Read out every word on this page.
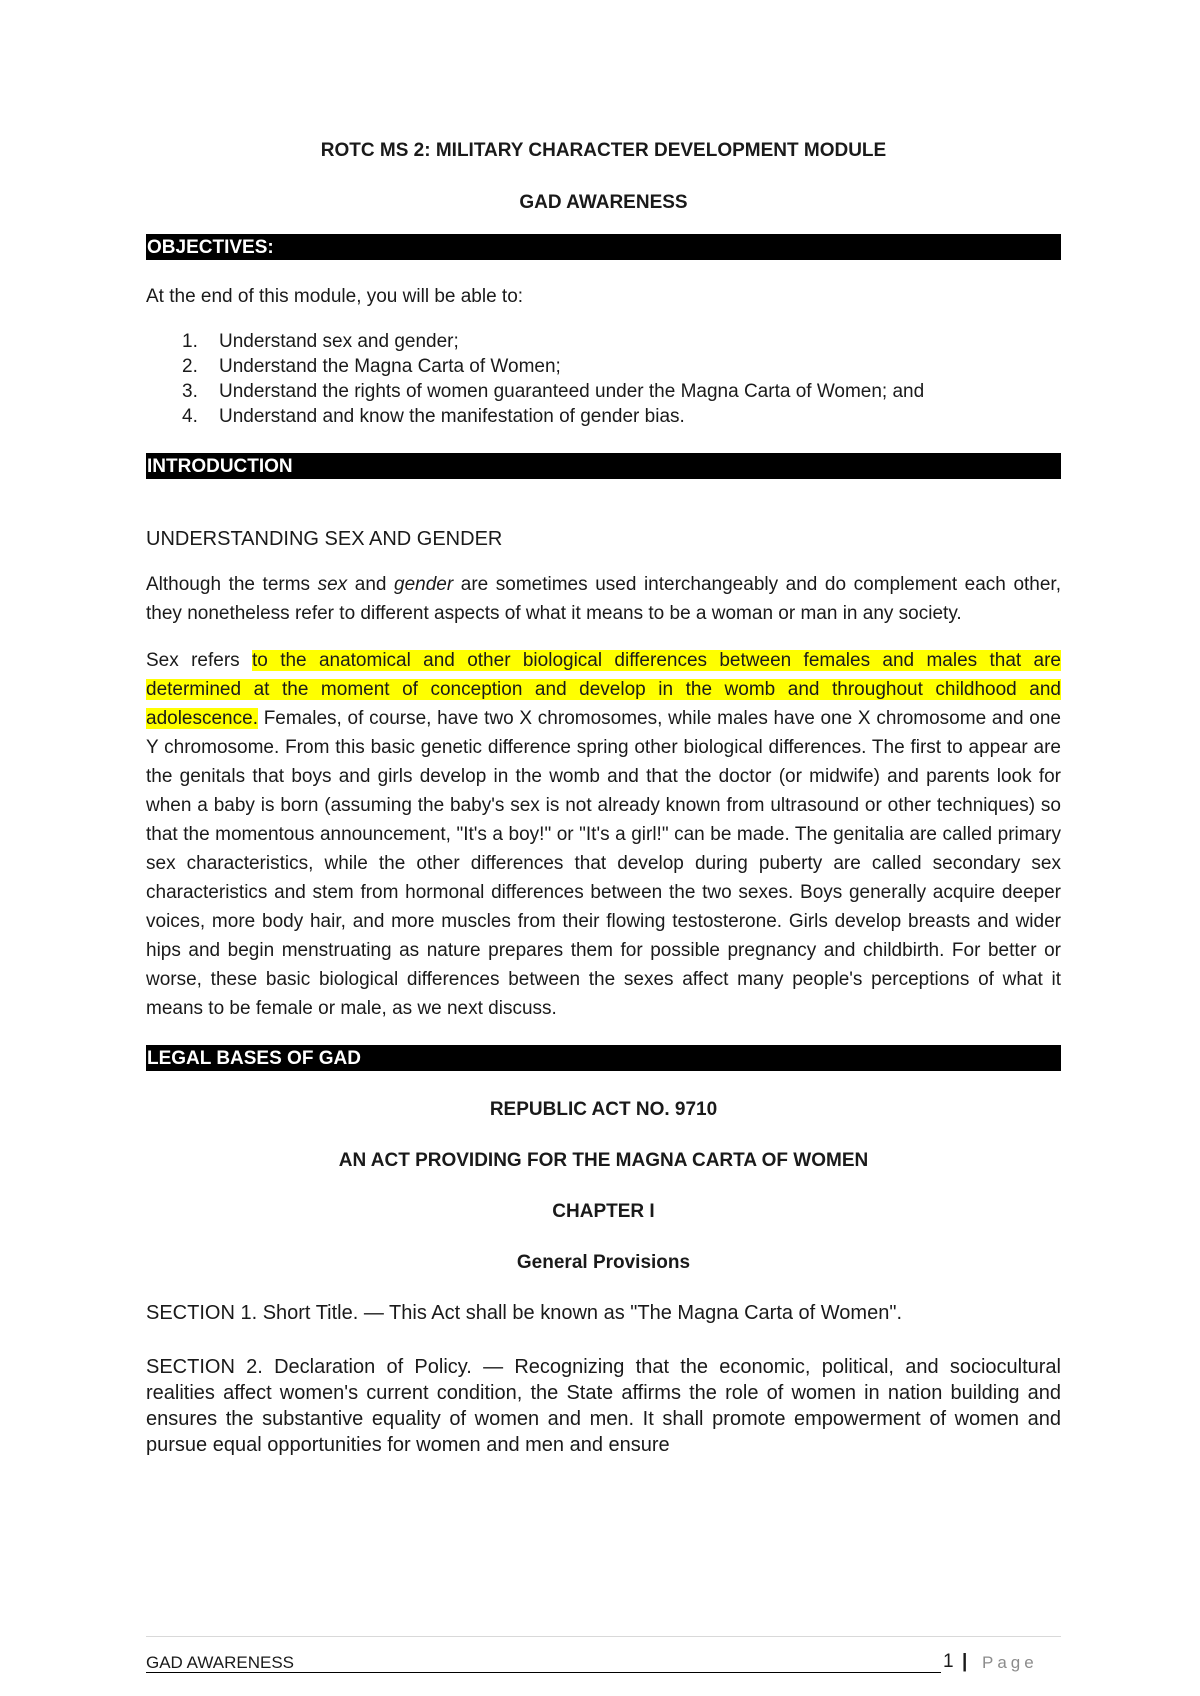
ROTC MS 2: MILITARY CHARACTER DEVELOPMENT MODULE

GAD AWARENESS

OBJECTIVES:

At the end of this module, you will be able to:

1. Understand sex and gender;
2. Understand the Magna Carta of Women;
3. Understand the rights of women guaranteed under the Magna Carta of Women; and
4. Understand and know the manifestation of gender bias.
INTRODUCTION

UNDERSTANDING SEX AND GENDER

Although the terms sex and gender are sometimes used interchangeably and do complement each other, they nonetheless refer to different aspects of what it means to be a woman or man in any society.

Sex refers to the anatomical and other biological differences between females and males that are determined at the moment of conception and develop in the womb and throughout childhood and adolescence. Females, of course, have two X chromosomes, while males have one X chromosome and one Y chromosome. From this basic genetic difference spring other biological differences. The first to appear are the genitals that boys and girls develop in the womb and that the doctor (or midwife) and parents look for when a baby is born (assuming the baby's sex is not already known from ultrasound or other techniques) so that the momentous announcement, "It's a boy!" or "It's a girl!" can be made. The genitalia are called primary sex characteristics, while the other differences that develop during puberty are called secondary sex characteristics and stem from hormonal differences between the two sexes. Boys generally acquire deeper voices, more body hair, and more muscles from their flowing testosterone. Girls develop breasts and wider hips and begin menstruating as nature prepares them for possible pregnancy and childbirth. For better or worse, these basic biological differences between the sexes affect many people's perceptions of what it means to be female or male, as we next discuss.

LEGAL BASES OF GAD

REPUBLIC ACT NO. 9710

AN ACT PROVIDING FOR THE MAGNA CARTA OF WOMEN

CHAPTER I

General Provisions

SECTION 1. Short Title. — This Act shall be known as "The Magna Carta of Women".

SECTION 2. Declaration of Policy. — Recognizing that the economic, political, and sociocultural realities affect women's current condition, the State affirms the role of women in nation building and ensures the substantive equality of women and men. It shall promote empowerment of women and pursue equal opportunities for women and men and ensure

GAD AWARENESS	1 | Page
